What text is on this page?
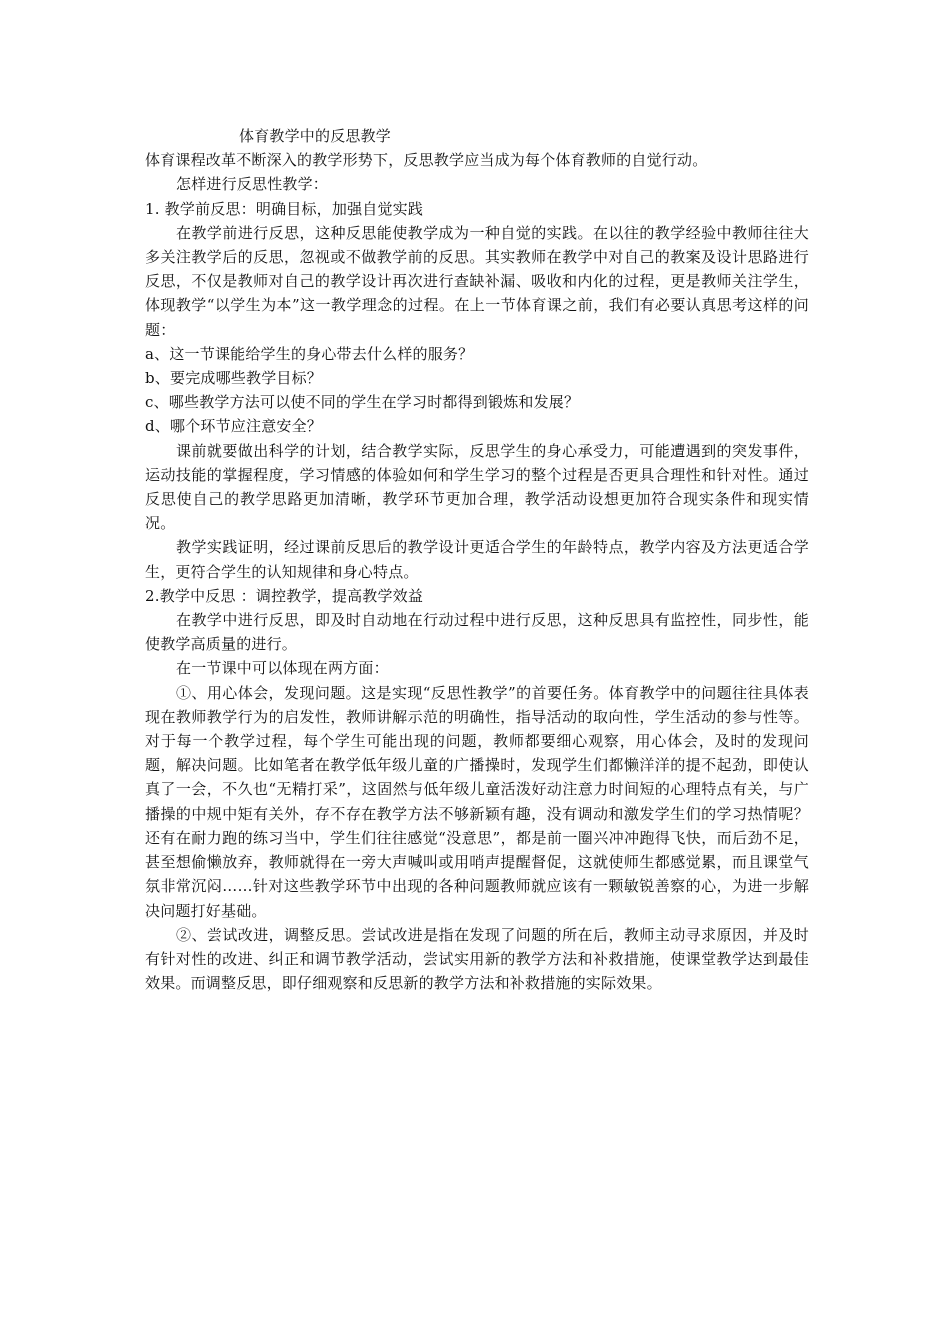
体育教学中的反思教学

体育课程改革不断深入的教学形势下，反思教学应当成为每个体育教师的自觉行动。

怎样进行反思性教学：

1. 教学前反思：明确目标，加强自觉实践

在教学前进行反思，这种反思能使教学成为一种自觉的实践。在以往的教学经验中教师往往大多关注教学后的反思，忽视或不做教学前的反思。其实教师在教学中对自己的教案及设计思路进行反思，不仅是教师对自己的教学设计再次进行查缺补漏、吸收和内化的过程，更是教师关注学生，体现教学“以学生为本”这一教学理念的过程。在上一节体育课之前，我们有必要认真思考这样的问题：

a、这一节课能给学生的身心带去什么样的服务？

b、要完成哪些教学目标？

c、哪些教学方法可以使不同的学生在学习时都得到锻炼和发展？

d、哪个环节应注意安全？

课前就要做出科学的计划，结合教学实际，反思学生的身心承受力，可能遭遇到的突发事件，运动技能的掌握程度，学习情感的体验如何和学生学习的整个过程是否更具合理性和针对性。通过反思使自己的教学思路更加清晰，教学环节更加合理，教学活动设想更加符合现实条件和现实情况。

教学实践证明，经过课前反思后的教学设计更适合学生的年龄特点，教学内容及方法更适合学生，更符合学生的认知规律和身心特点。

2.教学中反思 ：调控教学，提高教学效益

在教学中进行反思，即及时自动地在行动过程中进行反思，这种反思具有监控性，同步性，能使教学高质量的进行。

在一节课中可以体现在两方面：

①、用心体会，发现问题。这是实现“反思性教学”的首要任务。体育教学中的问题往往具体表现在教师教学行为的启发性，教师讲解示范的明确性，指导活动的取向性，学生活动的参与性等。对于每一个教学过程，每个学生可能出现的问题，教师都要细心观察，用心体会，及时的发现问题，解决问题。比如笔者在教学低年级儿童的广播操时，发现学生们都懒洋洋的提不起劲，即使认真了一会，不久也“无精打采”，这固然与低年级儿童活泼好动注意力时间短的心理特点有关，与广播操的中规中矩有关外，存不存在教学方法不够新颖有趣，没有调动和激发学生们的学习热情呢？还有在耐力跑的练习当中，学生们往往感觉“没意思”，都是前一圈兴冲冲跑得飞快，而后劲不足，甚至想偷懒放弃，教师就得在一旁大声喊叫或用哨声提醒督促，这就使师生都感觉累，而且课堂气氛非常沉闷……针对这些教学环节中出现的各种问题教师就应该有一颗敏锐善察的心，为进一步解决问题打好基础。

②、尝试改进，调整反思。尝试改进是指在发现了问题的所在后，教师主动寻求原因，并及时有针对性的改进、纠正和调节教学活动，尝试实用新的教学方法和补救措施，使课堂教学达到最佳效果。而调整反思，即仔细观察和反思新的教学方法和补救措施的实际效果。
